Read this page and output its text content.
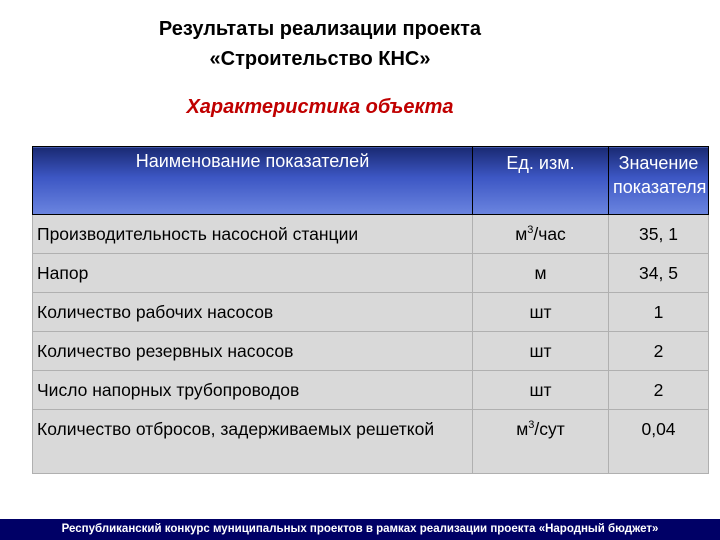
Результаты реализации проекта
«Строительство КНС»
Характеристика объекта
Наименование показателей	Ед. изм.	Значение показателя
Производительность насосной станции	$м^3$/час	35, 1
Напор	м	34, 5
Количество рабочих насосов	шт	1
Количество резервных насосов	шт	2
Число напорных трубопроводов	шт	2
Количество отбросов, задерживаемых решеткой	$м^3$/сут	0,04
Республиканский конкурс муниципальных проектов в рамках реализации проекта «Народный бюджет»
